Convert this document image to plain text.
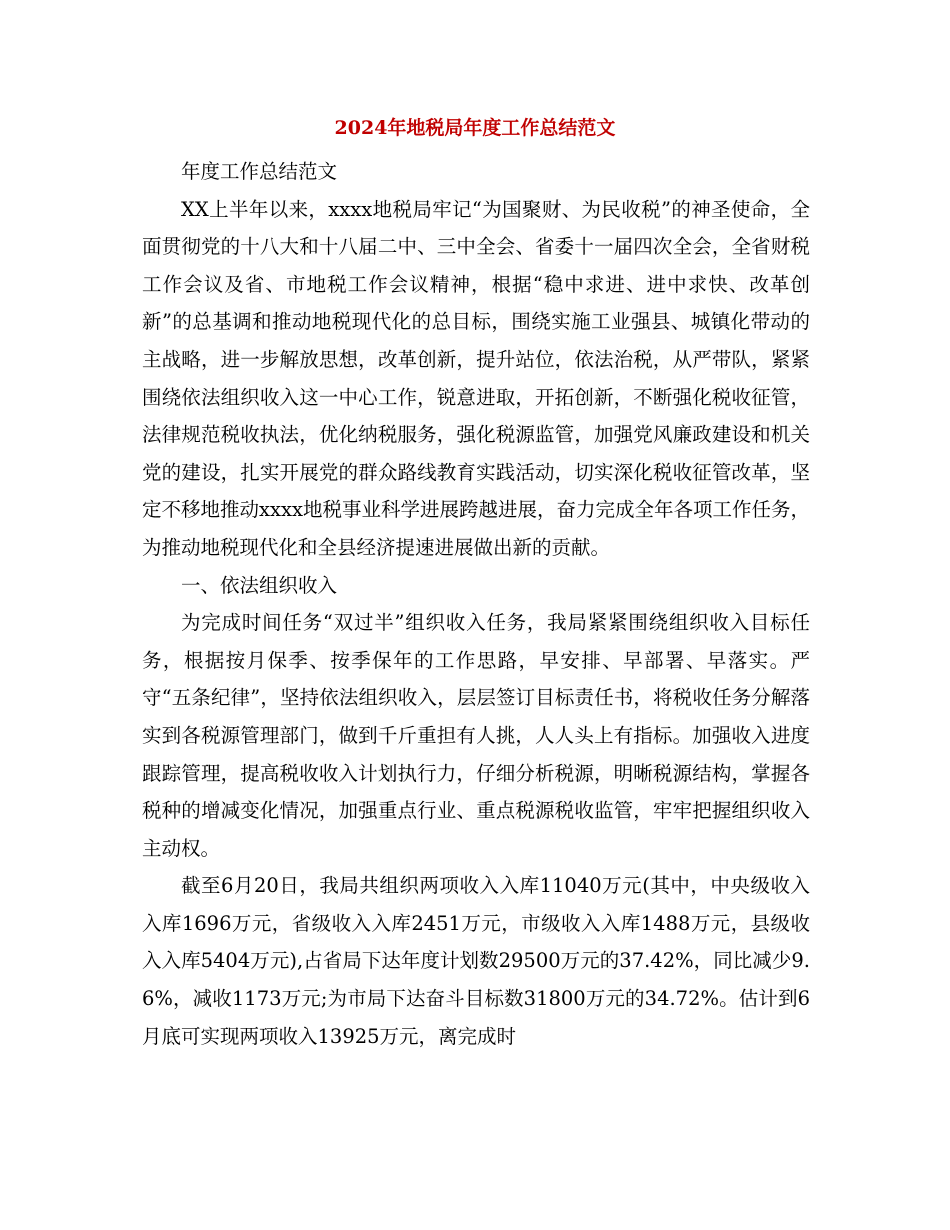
2024年地税局年度工作总结范文

年度工作总结范文

XX上半年以来，xxxx地税局牢记“为国聚财、为民收税”的神圣使命，全面贯彻党的十八大和十八届二中、三中全会、省委十一届四次全会，全省财税工作会议及省、市地税工作会议精神，根据“稳中求进、进中求快、改革创新”的总基调和推动地税现代化的总目标，围绕实施工业强县、城镇化带动的主战略，进一步解放思想，改革创新，提升站位，依法治税，从严带队，紧紧围绕依法组织收入这一中心工作，锐意进取，开拓创新，不断强化税收征管，法律规范税收执法，优化纳税服务，强化税源监管，加强党风廉政建设和机关党的建设，扎实开展党的群众路线教育实践活动，切实深化税收征管改革，坚定不移地推动xxxx地税事业科学进展跨越进展，奋力完成全年各项工作任务，为推动地税现代化和全县经济提速进展做出新的贡献。

一、依法组织收入

为完成时间任务“双过半”组织收入任务，我局紧紧围绕组织收入目标任务，根据按月保季、按季保年的工作思路，早安排、早部署、早落实。严守“五条纪律”，坚持依法组织收入，层层签订目标责任书，将税收任务分解落实到各税源管理部门，做到千斤重担有人挑，人人头上有指标。加强收入进度跟踪管理，提高税收收入计划执行力，仔细分析税源，明晰税源结构，掌握各税种的增减变化情况，加强重点行业、重点税源税收监管，牢牢把握组织收入主动权。

截至6月20日，我局共组织两项收入入库11040万元(其中，中央级收入入库1696万元，省级收入入库2451万元，市级收入入库1488万元，县级收入入库5404万元),占省局下达年度计划数29500万元的37.42%，同比减少9.6%，减收1173万元;为市局下达奋斗目标数31800万元的34.72%。估计到6月底可实现两项收入13925万元，离完成时
